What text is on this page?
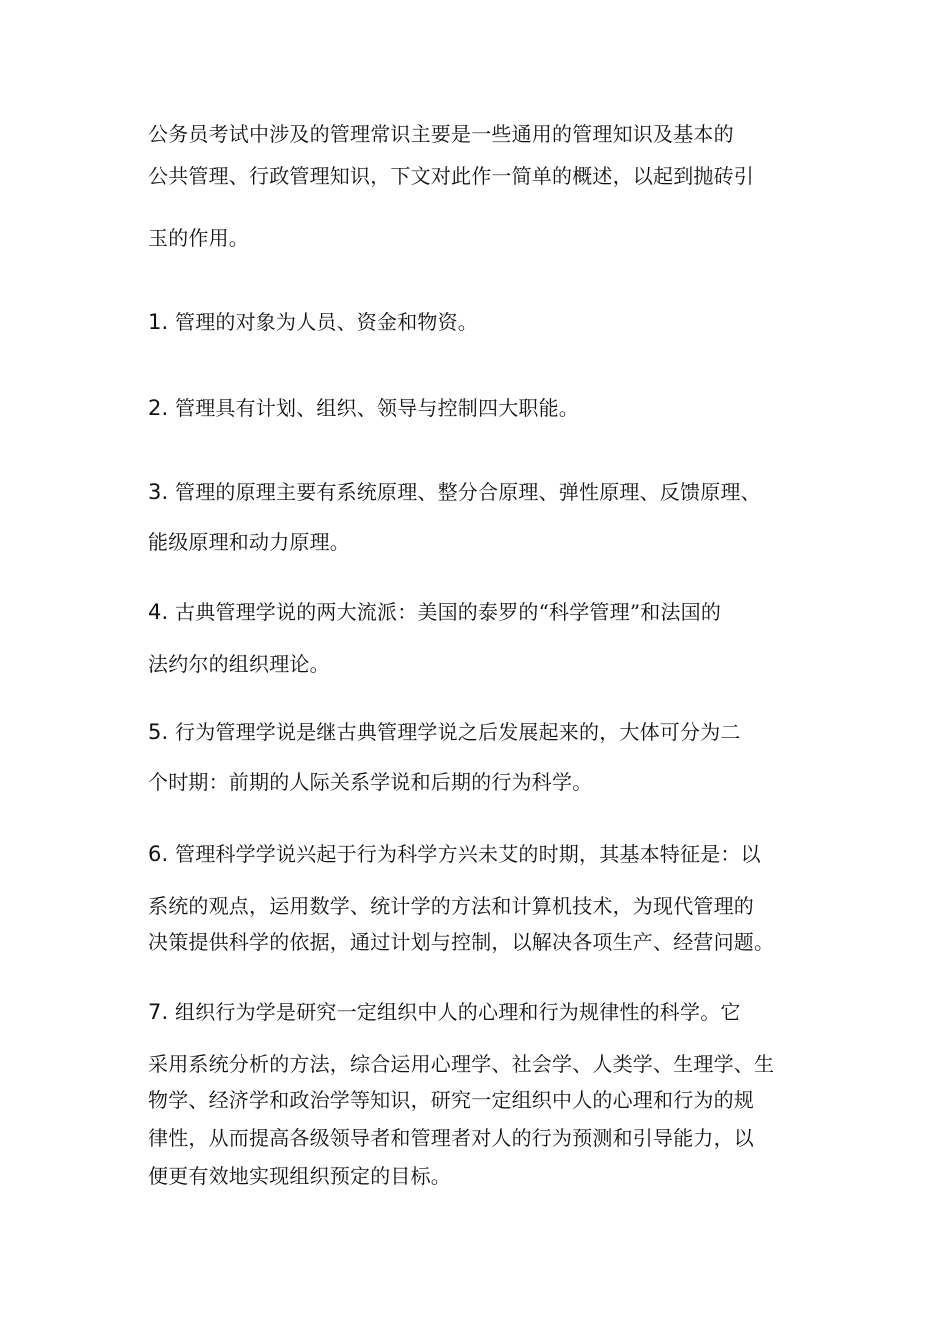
公务员考试中涉及的管理常识主要是一些通用的管理知识及基本的
公共管理、行政管理知识，下文对此作一简单的概述，以起到抛砖引
玉的作用。
1. 管理的对象为人员、资金和物资。
2. 管理具有计划、组织、领导与控制四大职能。
3. 管理的原理主要有系统原理、整分合原理、弹性原理、反馈原理、
能级原理和动力原理。
4. 古典管理学说的两大流派：美国的泰罗的“科学管理”和法国的
法约尔的组织理论。
5. 行为管理学说是继古典管理学说之后发展起来的，大体可分为二
个时期：前期的人际关系学说和后期的行为科学。
6. 管理科学学说兴起于行为科学方兴未艾的时期，其基本特征是：以
系统的观点，运用数学、统计学的方法和计算机技术，为现代管理的
决策提供科学的依据，通过计划与控制，以解决各项生产、经营问题。
7. 组织行为学是研究一定组织中人的心理和行为规律性的科学。它
采用系统分析的方法，综合运用心理学、社会学、人类学、生理学、生
物学、经济学和政治学等知识，研究一定组织中人的心理和行为的规
律性，从而提高各级领导者和管理者对人的行为预测和引导能力，以
便更有效地实现组织预定的目标。
